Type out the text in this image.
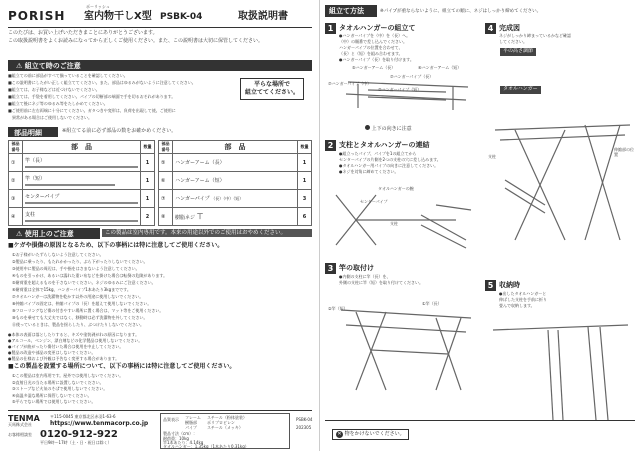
PORISH
ポーリッシュ
室内物干しX型 PSBK-04	取扱説明書
このたびは、お買い上げいただきまことにありがとうございます。
この取扱説明書をよくお読みになってから正しくご使用ください。また、この説明書は大切に保管してください。
⚠ 組立て時のご注意
■組立ての前に部品がすべて揃っていることを確認してください。
■この説明書にしたがい正しく組立ててください。また、部品はゆるみがないように注意してください。
■組立ては、お子様などは近づけないでください。
■組立ては、手袋を着用してください。パイプの切断部の端面で手を切るおそれがあります。
■組立て後にネジ等のゆるみ等をたしかめてください。
■ご使用前に左右両端に十分にてください。ガタつきや変形は、負荷を出現して使。ご使用に
　異常がある場合はご使用しないでください。
平らな場所で
組立ててください。
部品明細	※組立てる前に必ず部品の数をお確かめください。
部品番号	部　品	数量
①	竿（長）	1
②	竿（短）	1
③	センターパイプ	1
④	支柱	2
部品番号	部　品	数量
⑤	ハンガーアーム（長）	1
⑥	ハンガーアーム（短）	1
⑦	ハンガーパイプ （長）（中）（短）	3
⑧	樹脂ネジ ⊤	6
⚠ 使用上のご注意	この製品は室内専用です。本来の用途以外でのご使用はおやめください。
■ケガや損傷の原因となるため、以下の事柄には特に注意してご使用ください。
①お子様がいたずらしないよう注意してください。
②製品に乗ったり、もたれかかったり、ぶら下がったりしないでください。
③使用中に製品の周辺は、手や指をはさまないよう注意してください。
④ものを引っかけ、あるいは濡れた重い布などを掛けた場合は転倒の危険があります。
⑤耐荷重を超えるものを干さないでください。ネジのゆるみにご注意ください。
⑥耐荷重は全体で15kg、ハンガーパイプ1本あたり3kgまでです。
⑦タオルハンガーは洗濯物を乾かす以外の用途に使用しないでください。
⑧仲縮パイプの固定は、仲縮パイプの（長）を超えて使用しないでください。
⑨フローリングなど傷の付きやすい場所に置く場合は、マット等をご使用ください。
⑩ものを乗せても大丈夫ではなく、移動時は必ず洗濯物を外してください。
⑪使っているときは、製品を揺らしたり、ぶつけたりしないでください。
●本体の表面は落としたりすると、キズや塗装剥がれの原因になります。
●アルコール、ベンジン、漂白剤などの化学製品は使用しないでください。
●パイプが曲がったり傷付いた場合は使用を中止してください。
●製品の改造や部品の変更はしないでください。
●製品の仕様および外観は予告なく変更する場合があります。
■この製品を設置する場所について、以下の事柄には特に注意してご使用ください。
①この製品は室内専用です。屋外では使用しないでください。
②直射日光の当たる場所に設置しないでください。
③ストーブなど火気のそばで使用しないでください。
④高温多湿な場所に保管しないでください。
⑤平らでない場所では使用しないでください。
TENMA
天馬株式会社
〒115-0045 東京都北区赤羽1-63-6
https://www.tenmacorp.co.jp
お客様相談室 0120-912-922
平日9時〜17時（土・日・祝日は除く）
品質表示 フレーム スチール（粉体塗装）
樹脂部	ポリプロピレン
パイプ	スチール（メッキ）
製品寸法（cm）：
耐荷重：10kg
竿1本あたり：4.14kg
タオルハンガー：1.35kg（1本あたり0.31kg）
PSBK-04
202305
組立て方法	※パイプが重ならないように、組立ての順に、ネジはしっかり締めてください。
1 タオルハンガーの組立て
●ハンガーパイプを（中）を（長）へ。
（中）の順番で差し込んでください。
ハンガーパイプの位置を合わせて、
（長）と（短）を組み合わせます。
●ハンガーパイプ（長）を取り付けます。
⑤ハンガーアーム（長）	⑥ハンガーアーム（短）
⑦ハンガーパイプ（長）
⑦ハンガーパイプ（中）
⑦ハンガーパイプ（短）
上下の向きに注意
2 支柱とタオルハンガーの連結
●組立ったパイプ、パイプを1の組立てから
センターパイプの片側を2つの支柱の穴に差し込みます。
●タオルハンガー用パイプの向きに注意してください。
●ネジを対角に締めてください。
タオルハンガーの腕
センターパイプ
支柱
3 竿の取付け
●内側の支柱に竿（長）を、
外側の支柱に竿（短）を取り付けてください。
②竿（短）
①竿（長）
4 完成図
ネジがしっかり締まっているかなど確認
してください。
平の高さ調節
タオルハンガー
支柱
伸縮部の位置
5 収納時
●出したタオルハンガーと
伸ばした支柱を手前に折り
畳んで収納します。
✕ 物をかけないでください。
